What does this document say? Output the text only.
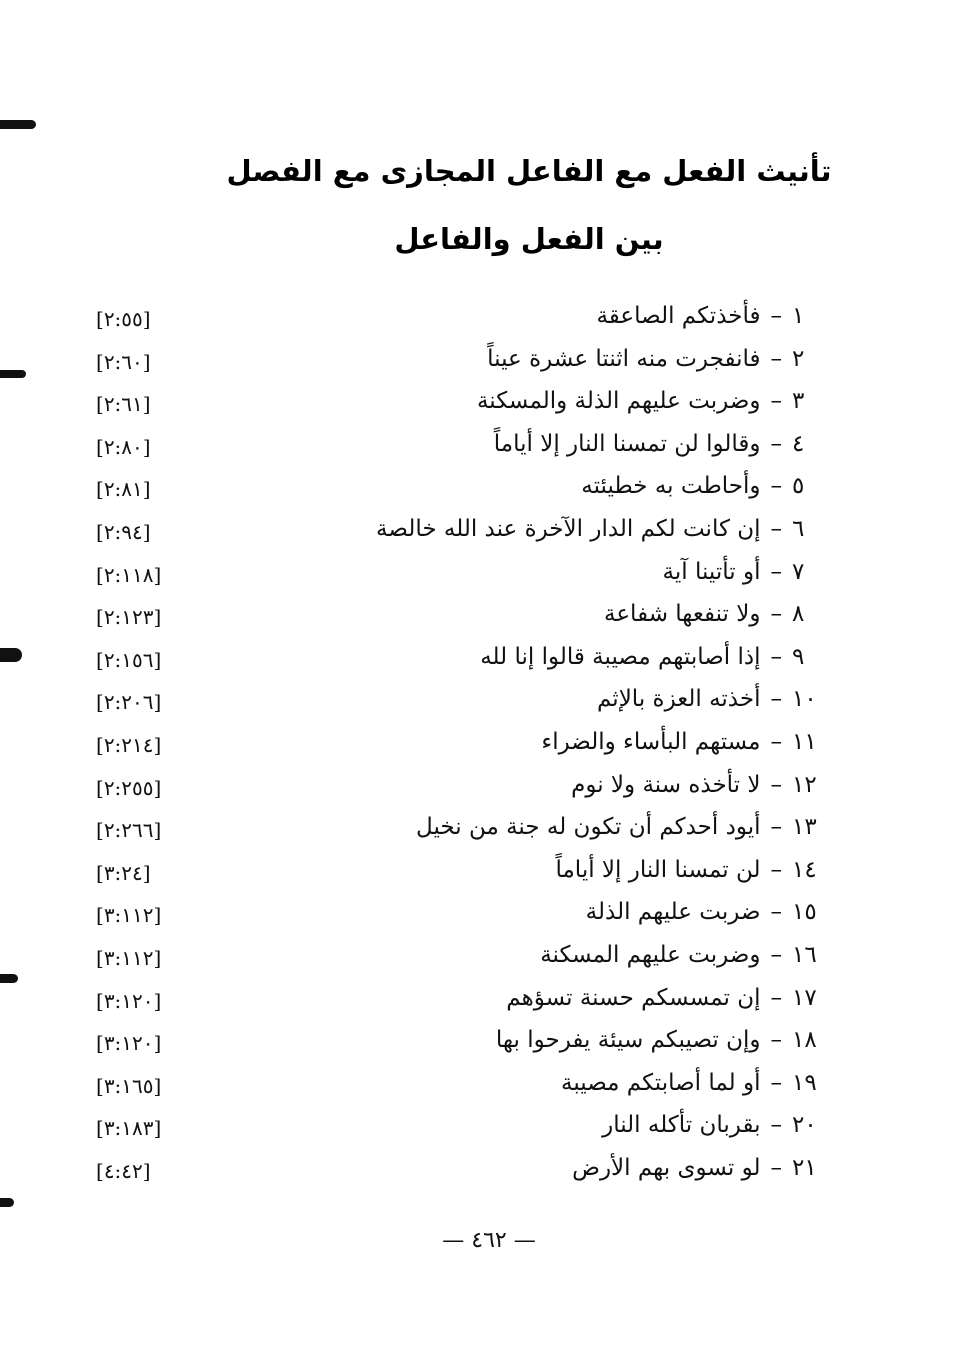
تأنيث الفعل مع الفاعل المجازى مع الفصل
بين الفعل والفاعل
١–فأخذتكم الصاعقة
[٢:٥٥]
٢–فانفجرت منه اثنتا عشرة عيناً
[٢:٦٠]
٣–وضربت عليهم الذلة والمسكنة
[٢:٦١]
٤–وقالوا لن تمسنا النار إلا أياماً
[٢:٨٠]
٥–وأحاطت به خطيئته
[٢:٨١]
٦–إن كانت لكم الدار الآخرة عند الله خالصة
[٢:٩٤]
٧–أو تأتينا آية
[٢:١١٨]
٨–ولا تنفعها شفاعة
[٢:١٢٣]
٩–إذا أصابتهم مصيبة قالوا إنا لله
[٢:١٥٦]
١٠–أخذته العزة بالإثم
[٢:٢٠٦]
١١–مستهم البأساء والضراء
[٢:٢١٤]
١٢–لا تأخذه سنة ولا نوم
[٢:٢٥٥]
١٣–أيود أحدكم أن تكون له جنة من نخيل
[٢:٢٦٦]
١٤–لن تمسنا النار إلا أياماً
[٣:٢٤]
١٥–ضربت عليهم الذلة
[٣:١١٢]
١٦–وضربت عليهم المسكنة
[٣:١١٢]
١٧–إن تمسسكم حسنة تسؤهم
[٣:١٢٠]
١٨–وإن تصيبكم سيئة يفرحوا بها
[٣:١٢٠]
١٩–أو لما أصابتكم مصيبة
[٣:١٦٥]
٢٠–بقربان تأكله النار
[٣:١٨٣]
٢١–لو تسوى بهم الأرض
[٤:٤٢]
— ٤٦٢ —
